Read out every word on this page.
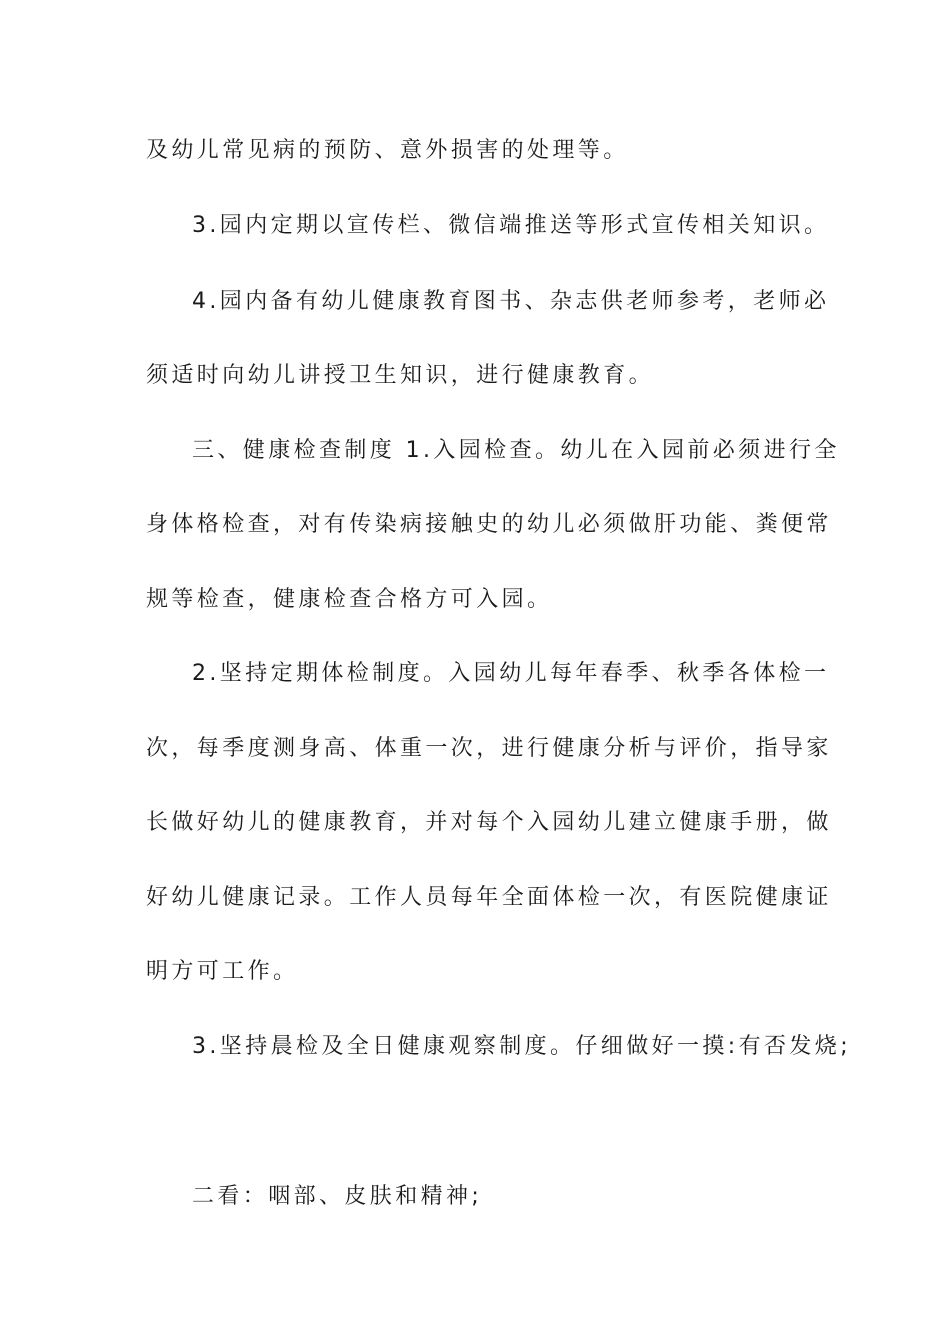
及幼儿常见病的预防、意外损害的处理等。
3.园内定期以宣传栏、微信端推送等形式宣传相关知识。
4.园内备有幼儿健康教育图书、杂志供老师参考，老师必
须适时向幼儿讲授卫生知识，进行健康教育。
三、健康检查制度 1.入园检查。幼儿在入园前必须进行全
身体格检查，对有传染病接触史的幼儿必须做肝功能、粪便常
规等检查，健康检查合格方可入园。
2.坚持定期体检制度。入园幼儿每年春季、秋季各体检一
次，每季度测身高、体重一次，进行健康分析与评价，指导家
长做好幼儿的健康教育，并对每个入园幼儿建立健康手册，做
好幼儿健康记录。工作人员每年全面体检一次，有医院健康证
明方可工作。
3.坚持晨检及全日健康观察制度。仔细做好一摸:有否发烧;
二看：咽部、皮肤和精神;
